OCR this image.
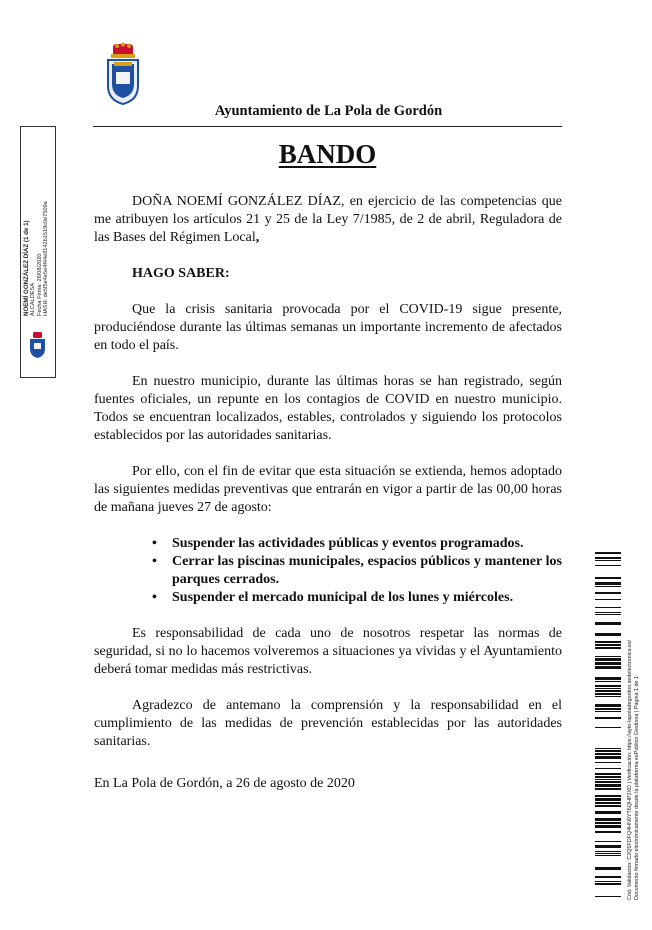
Ayuntamiento de La Pola de Gordón
BANDO

DOÑA NOEMÍ GONZÁLEZ DÍAZ, en ejercicio de las competencias que me atribuyen los artículos 21 y 25 de la Ley 7/1985, de 2 de abril, Reguladora de las Bases del Régimen Local,

HAGO SABER:

Que la crisis sanitaria provocada por el COVID-19 sigue presente, produciéndose durante las últimas semanas un importante incremento de afectados en todo el país.

En nuestro municipio, durante las últimas horas se han registrado, según fuentes oficiales, un repunte en los contagios de COVID en nuestro municipio. Todos se encuentran localizados, estables, controlados y siguiendo los protocolos establecidos por las autoridades sanitarias.

Por ello, con el fin de evitar que esta situación se extienda, hemos adoptado las siguientes medidas preventivas que entrarán en vigor a partir de las 00,00 horas de mañana jueves 27 de agosto:

• Suspender las actividades públicas y eventos programados.
• Cerrar las piscinas municipales, espacios públicos y mantener los parques cerrados.
• Suspender el mercado municipal de los lunes y miércoles.

Es responsabilidad de cada uno de nosotros respetar las normas de seguridad, si no lo hacemos volveremos a situaciones ya vividas y el Ayuntamiento deberá tomar medidas más restrictivas.

Agradezco de antemano la comprensión y la responsabilidad en el cumplimiento de las medidas de prevención establecidas por las autoridades sanitarias.

En La Pola de Gordón, a 26 de agosto de 2020

NOEMÍ GONZÁLEZ DÍAZ (1 de 1) ALCALDESA Fecha Firma: 26/08/2020 HASH: de5f5e4e5e4f44e8142b1519c0e7509a
Cód. Validación: C2Q5FDFQ4HN9YT6QHP2XD | Verificación: https://ayto-lapoladegordon.sedelectronica.es/ Documento firmado electrónicamente desde la plataforma esPublico Gestiona | Página 1 de 1
